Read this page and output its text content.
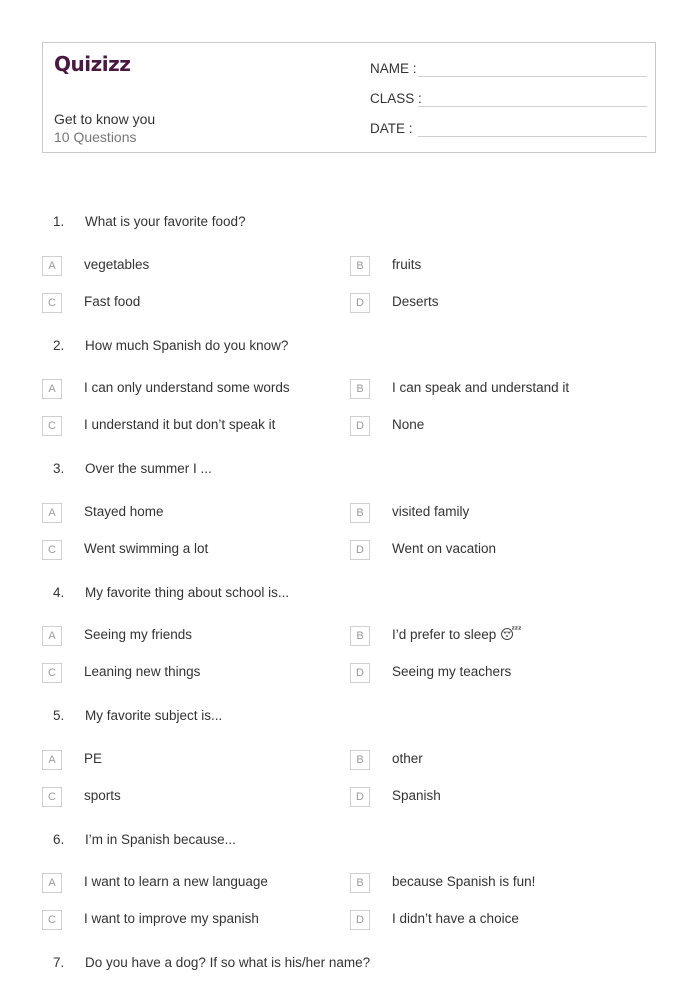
Quizizz
Get to know you
10 Questions
NAME :
CLASS :
DATE :
1. What is your favorite food?
A	vegetables	B	fruits
C	Fast food	D	Deserts
2. How much Spanish do you know?
A	I can only understand some words	B	I can speak and understand it
C	I understand it but don’t speak it	D	None
3. Over the summer I ...
A	Stayed home	B	visited family
C	Went swimming a lot	D	Went on vacation
4. My favorite thing about school is...
A	Seeing my friends	B	I’d prefer to sleep 😴
C	Leaning new things	D	Seeing my teachers
5. My favorite subject is...
A	PE	B	other
C	sports	D	Spanish
6. I’m in Spanish because...
A	I want to learn a new language	B	because Spanish is fun!
C	I want to improve my spanish	D	I didn’t have a choice
7. Do you have a dog? If so what is his/her name?
